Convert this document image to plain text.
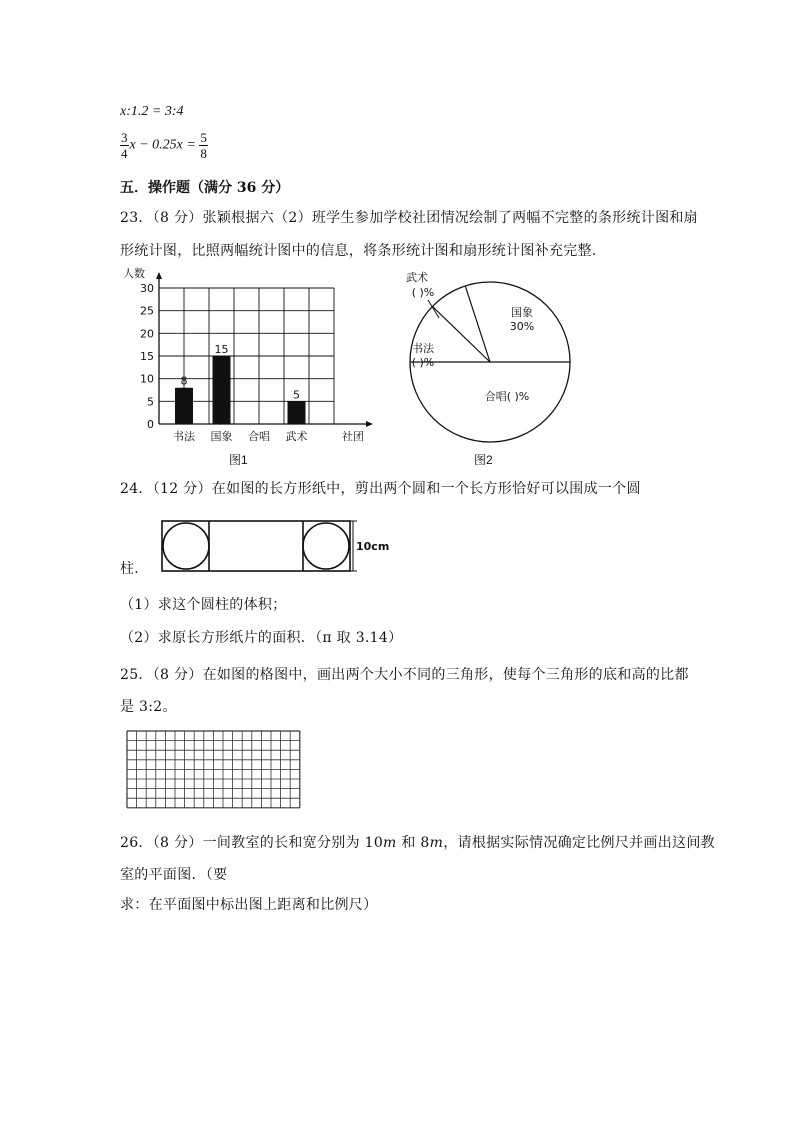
x:1.2 = 3:4
$\frac{3}{4}$ $x - 0.25x = \frac{5}{8}$
五．操作题（满分 36 分）
23．（8 分）张颖根据六（2）班学生参加学校社团情况绘制了两幅不完整的条形统计图和扇
形统计图，比照两幅统计图中的信息，将条形统计图和扇形统计图补充完整．
人数
社团
0
5
10
15
20
25
30
8
15
5
书法 国象 合唱 武术
图1
国象
30%
合唱( )%
书法
( )%
武术
( )%
图2
24．（12 分）在如图的长方形纸中，剪出两个圆和一个长方形恰好可以围成一个圆
10cm
柱．
（1）求这个圆柱的体积；
（2）求原长方形纸片的面积．（π 取 3.14）
25．（8 分）在如图的格图中，画出两个大小不同的三角形，使每个三角形的底和高的比都
是 3:2。
26．（8 分）一间教室的长和宽分别为 10m 和 8m，请根据实际情况确定比例尺并画出这间教
室的平面图．（要
求：在平面图中标出图上距离和比例尺）
